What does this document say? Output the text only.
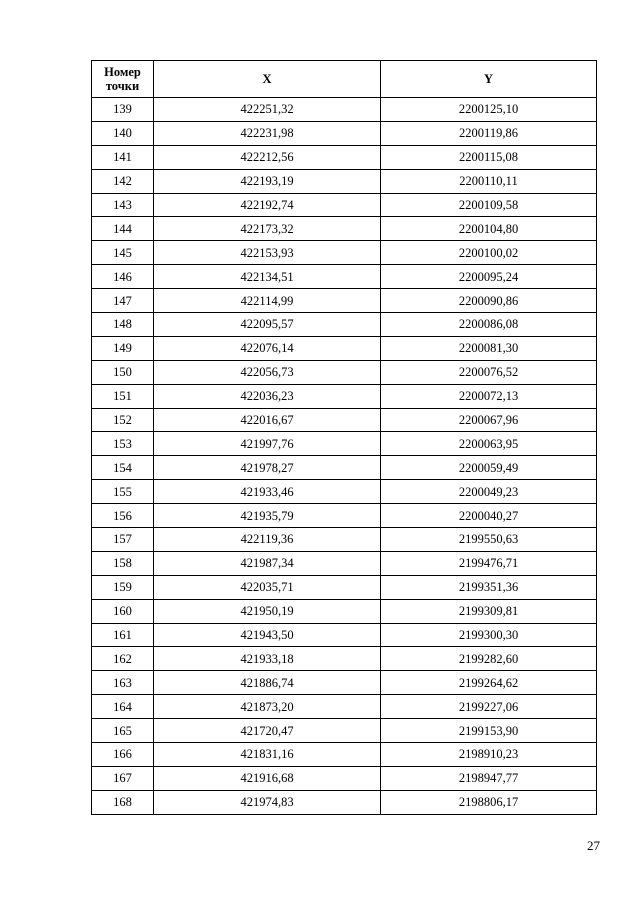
Номер
точки	X	Y
139	422251,32	2200125,10
140	422231,98	2200119,86
141	422212,56	2200115,08
142	422193,19	2200110,11
143	422192,74	2200109,58
144	422173,32	2200104,80
145	422153,93	2200100,02
146	422134,51	2200095,24
147	422114,99	2200090,86
148	422095,57	2200086,08
149	422076,14	2200081,30
150	422056,73	2200076,52
151	422036,23	2200072,13
152	422016,67	2200067,96
153	421997,76	2200063,95
154	421978,27	2200059,49
155	421933,46	2200049,23
156	421935,79	2200040,27
157	422119,36	2199550,63
158	421987,34	2199476,71
159	422035,71	2199351,36
160	421950,19	2199309,81
161	421943,50	2199300,30
162	421933,18	2199282,60
163	421886,74	2199264,62
164	421873,20	2199227,06
165	421720,47	2199153,90
166	421831,16	2198910,23
167	421916,68	2198947,77
168	421974,83	2198806,17
27
